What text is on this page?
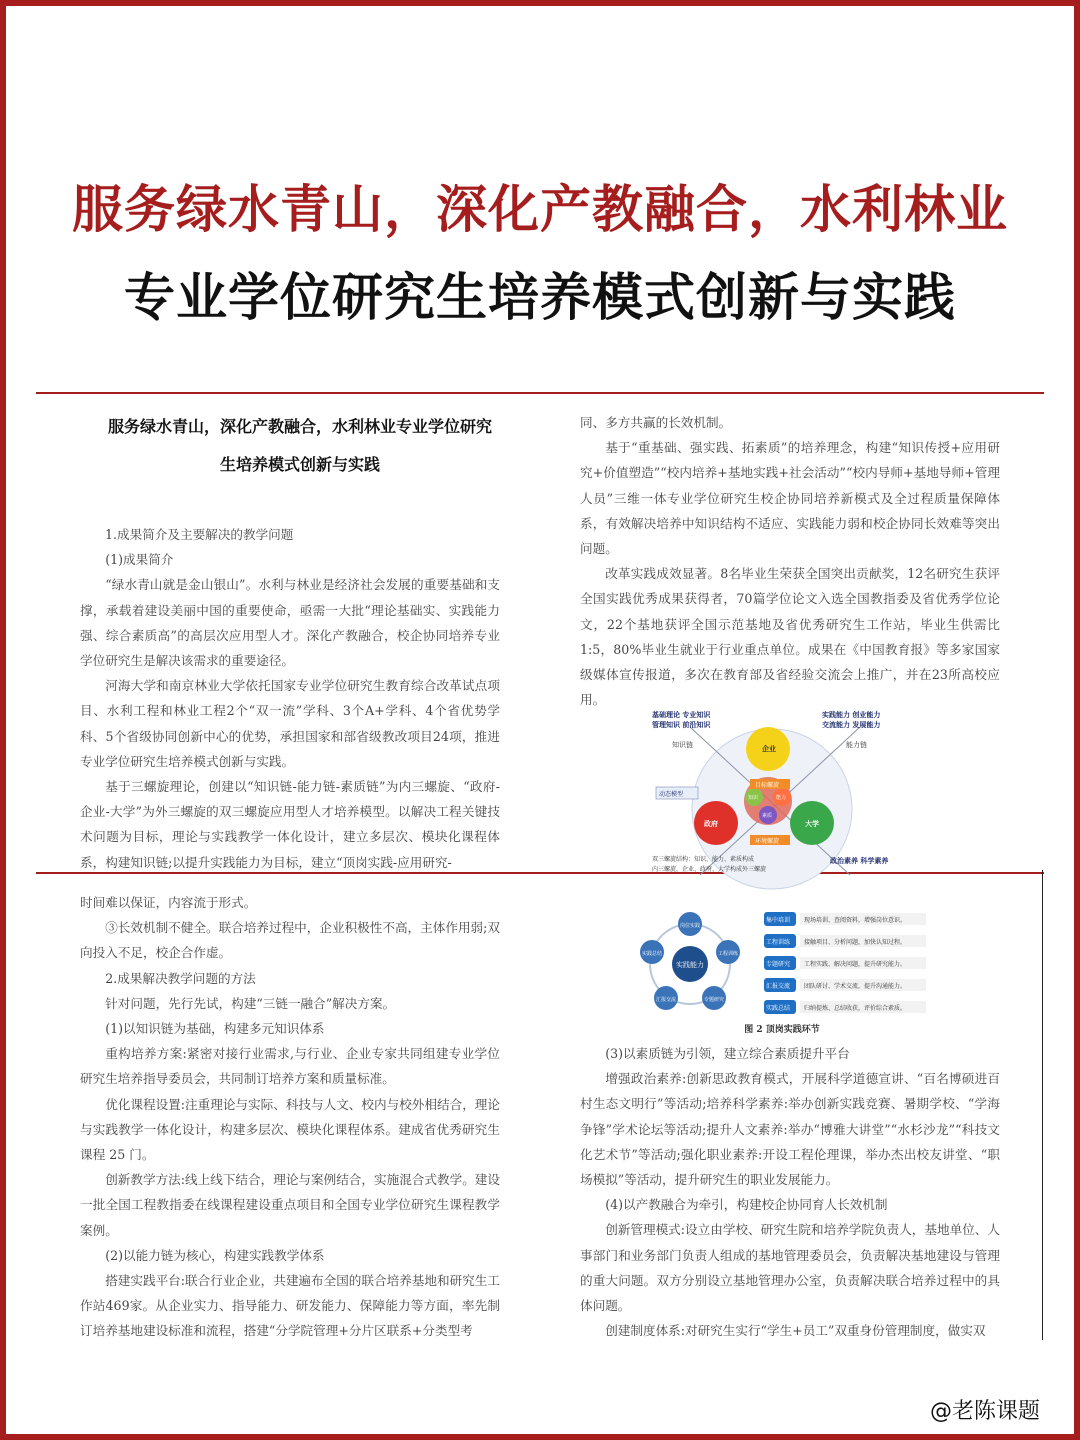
服务绿水青山，深化产教融合，水利林业
专业学位研究生培养模式创新与实践
服务绿水青山，深化产教融合，水利林业专业学位研究
生培养模式创新与实践

1.成果简介及主要解决的教学问题

(1)成果简介

“绿水青山就是金山银山”。水利与林业是经济社会发展的重要基础和支撑，承载着建设美丽中国的重要使命，亟需一大批“理论基础实、实践能力强、综合素质高”的高层次应用型人才。深化产教融合，校企协同培养专业学位研究生是解决该需求的重要途径。

河海大学和南京林业大学依托国家专业学位研究生教育综合改革试点项目、水利工程和林业工程2个“双一流”学科、3个A+学科、4个省优势学科、5个省级协同创新中心的优势，承担国家和部省级教改项目24项，推进专业学位研究生培养模式创新与实践。

基于三螺旋理论，创建以“知识链-能力链-素质链”为内三螺旋、“政府-企业-大学”为外三螺旋的双三螺旋应用型人才培养模型。以解决工程关键技术问题为目标，理论与实践教学一体化设计，建立多层次、模块化课程体系，构建知识链;以提升实践能力为目标，建立“顶岗实践-应用研究-

同、多方共赢的长效机制。

基于“重基础、强实践、拓素质”的培养理念，构建“知识传授+应用研究+价值塑造”“校内培养+基地实践+社会活动”“校内导师+基地导师+管理人员”三维一体专业学位研究生校企协同培养新模式及全过程质量保障体系，有效解决培养中知识结构不适应、实践能力弱和校企协同长效难等突出问题。

改革实践成效显著。8名毕业生荣获全国突出贡献奖，12名研究生获评全国实践优秀成果获得者，70篇学位论文入选全国教指委及省优秀学位论文，22个基地获评全国示范基地及省优秀研究生工作站，毕业生供需比1:5，80%毕业生就业于行业重点单位。成果在《中国教育报》等多家国家级媒体宣传报道，多次在教育部及省经验交流会上推广，并在23所高校应用。

基础理论 专业知识
管理知识 前沿知识
实践能力 创业能力
交流能力 发展能力
知识链	能力链
企业
政府	大学
目标螺旋
环境螺旋
动态模型	知识	能力
素质
双三螺旋结构：知识、能力、素质构成
内三螺旋，企业、政府、大学构成外三螺旋
政治素养 科学素养

时间难以保证，内容流于形式。

③长效机制不健全。联合培养过程中，企业积极性不高，主体作用弱;双向投入不足，校企合作虚。

2.成果解决教学问题的方法

针对问题，先行先试，构建“三链一融合”解决方案。

(1)以知识链为基础，构建多元知识体系

重构培养方案:紧密对接行业需求,与行业、企业专家共同组建专业学位研究生培养指导委员会，共同制订培养方案和质量标准。

优化课程设置:注重理论与实际、科技与人文、校内与校外相结合，理论与实践教学一体化设计，构建多层次、模块化课程体系。建成省优秀研究生课程 25 门。

创新教学方法:线上线下结合，理论与案例结合，实施混合式教学。建设一批全国工程教指委在线课程建设重点项目和全国专业学位研究生课程教学案例。

(2)以能力链为核心，构建实践教学体系

搭建实践平台:联合行业企业，共建遍布全国的联合培养基地和研究生工作站469家。从企业实力、指导能力、研发能力、保障能力等方面，率先制订培养基地建设标准和流程，搭建“分学院管理+分片区联系+分类型考

实践能力
岗位实践
工程训练
专题研究
汇报交流
实践总结
集中培训 现场培训、查阅资料，增强岗位意识。
工程训练 接触项目、分析问题，加快认知过程。
专题研究 工程实践、解决问题，提升研究能力。
汇报交流 团队研讨、学术交流，提升沟通能力。
实践总结 归纳提炼、总结收获，评价综合素质。
图 2 顶岗实践环节

(3)以素质链为引领，建立综合素质提升平台

增强政治素养:创新思政教育模式，开展科学道德宣讲、“百名博硕进百村生态文明行”等活动;培养科学素养:举办创新实践竞赛、暑期学校、“学海争锋”学术论坛等活动;提升人文素养:举办“博雅大讲堂”“水杉沙龙”“科技文化艺术节”等活动;强化职业素养:开设工程伦理课，举办杰出校友讲堂、“职场模拟”等活动，提升研究生的职业发展能力。

(4)以产教融合为牵引，构建校企协同育人长效机制

创新管理模式:设立由学校、研究生院和培养学院负责人，基地单位、人事部门和业务部门负责人组成的基地管理委员会，负责解决基地建设与管理的重大问题。双方分别设立基地管理办公室，负责解决联合培养过程中的具体问题。

创建制度体系:对研究生实行“学生+员工”双重身份管理制度，做实双

@老陈课题
